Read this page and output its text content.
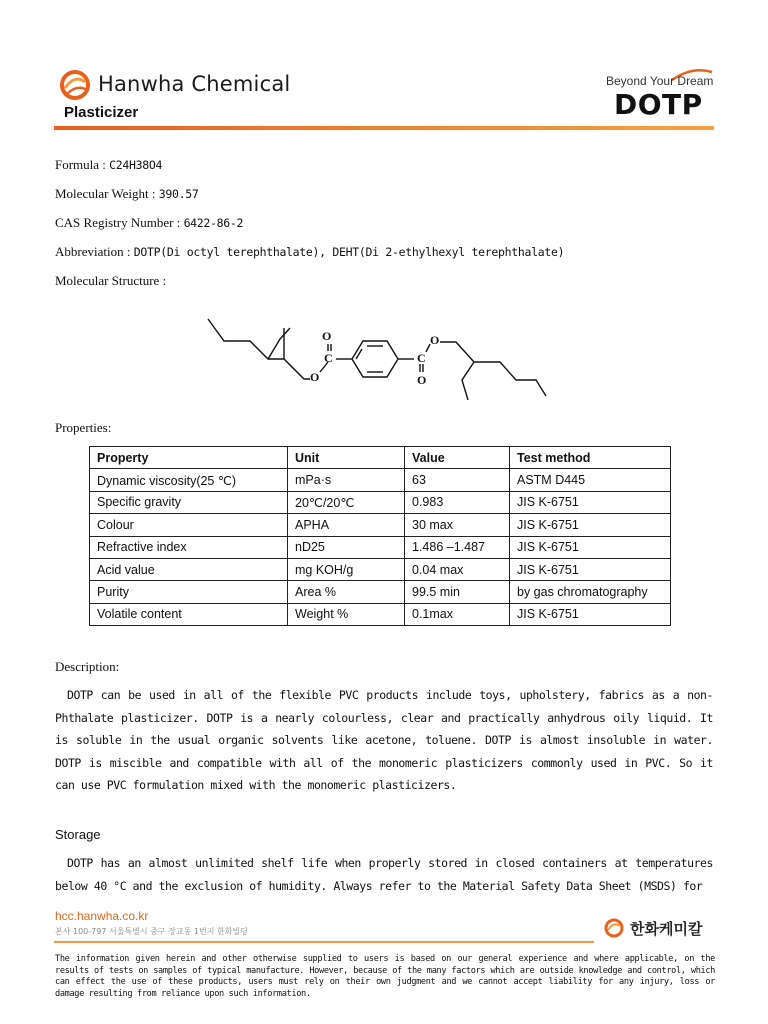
Hanwha Chemical
Plasticizer
Beyond Your Dream
DOTP
Formula : C24H38O4
Molecular Weight : 390.57
CAS Registry Number : 6422-86-2
Abbreviation : DOTP(Di octyl terephthalate), DEHT(Di 2-ethylhexyl terephthalate)
Molecular Structure :
O
C
O
O
C
O
Properties:
Property	Unit	Value	Test method
Dynamic viscosity(25 ℃)	mPa·s	63	ASTM D445
Specific gravity	20℃/20℃	0.983	JIS K-6751
Colour	APHA	30 max	JIS K-6751
Refractive index	nD25	1.486 –1.487	JIS K-6751
Acid value	mg KOH/g	0.04 max	JIS K-6751
Purity	Area %	99.5 min	by gas chromatography
Volatile content	Weight %	0.1max	JIS K-6751
Description:
DOTP can be used in all of the flexible PVC products include toys, upholstery, fabrics as a non-Phthalate plasticizer. DOTP is a nearly colourless, clear and practically anhydrous oily liquid. It is soluble in the usual organic solvents like acetone, toluene. DOTP is almost insoluble in water. DOTP is miscible and compatible with all of the monomeric plasticizers commonly used in PVC. So it can use PVC formulation mixed with the monomeric plasticizers.
Storage
DOTP has an almost unlimited shelf life when properly stored in closed containers at temperatures below 40 °C and the exclusion of humidity. Always refer to the Material Safety Data Sheet (MSDS) for
hcc.hanwha.co.kr
본사 100-797 서울특별시 중구 장교동 1번지 한화빌딩	한화케미칼
The information given herein and other otherwise supplied to users is based on our general experience and where applicable, on the results of tests on samples of typical manufacture. However, because of the many factors which are outside knowledge and control, which can effect the use of these products, users must rely on their own judgment and we cannot accept liability for any injury, loss or damage resulting from reliance upon such information.
